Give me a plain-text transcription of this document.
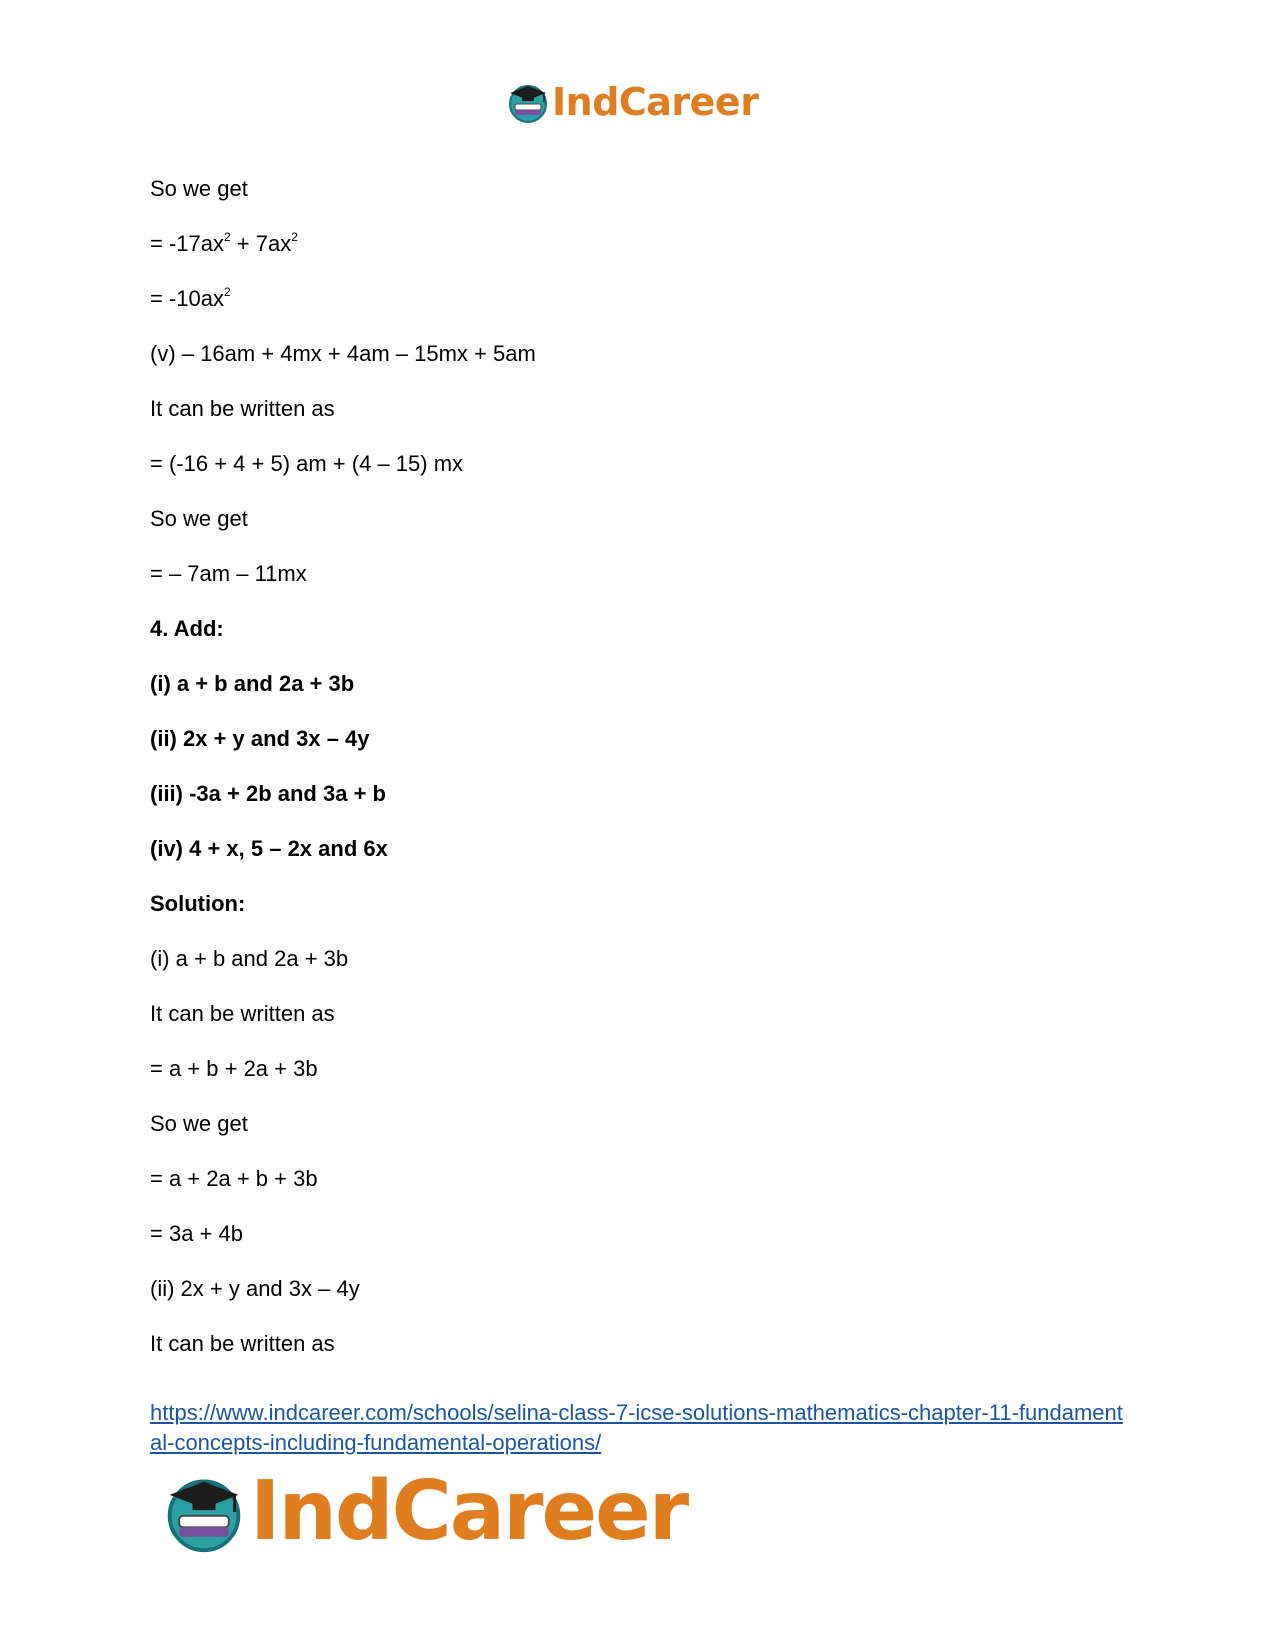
IndCareer
So we get
= $-17ax^2 + 7ax^2$
= $-10ax^2$
(v) – 16am + 4mx + 4am – 15mx + 5am
It can be written as
= (-16 + 4 + 5) am + (4 – 15) mx
So we get
= – 7am – 11mx
4. Add:
(i) a + b and 2a + 3b
(ii) 2x + y and 3x – 4y
(iii) -3a + 2b and 3a + b
(iv) 4 + x, 5 – 2x and 6x
Solution:
(i) a + b and 2a + 3b
It can be written as
= a + b + 2a + 3b
So we get
= a + 2a + b + 3b
= 3a + 4b
(ii) 2x + y and 3x – 4y
It can be written as
https://www.indcareer.com/schools/selina-class-7-icse-solutions-mathematics-chapter-11-fundamental-concepts-including-fundamental-operations/
IndCareer
